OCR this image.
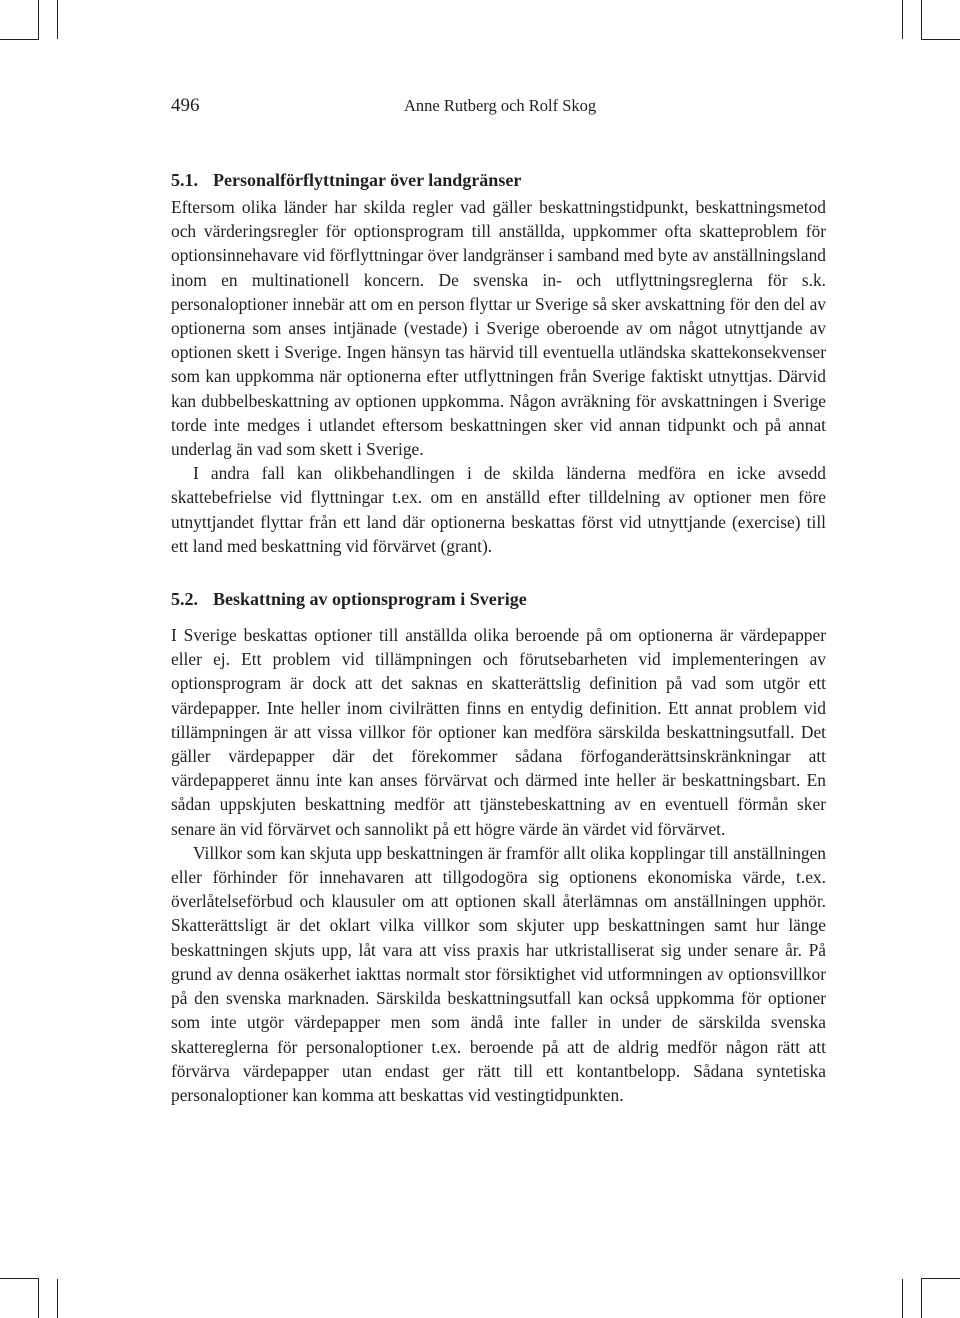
496	Anne Rutberg och Rolf Skog
5.1. Personalförflyttningar över landgränser

Eftersom olika länder har skilda regler vad gäller beskattningstidpunkt, beskattningsmetod och värderingsregler för optionsprogram till anställda, uppkommer ofta skatteproblem för optionsinnehavare vid förflyttningar över landgränser i samband med byte av anställningsland inom en multinationell koncern. De svenska in- och utflyttningsreglerna för s.k. personaloptioner innebär att om en person flyttar ur Sverige så sker avskattning för den del av optionerna som anses intjänade (vestade) i Sverige oberoende av om något utnyttjande av optionen skett i Sverige. Ingen hänsyn tas härvid till eventuella utländska skattekonsekvenser som kan uppkomma när optionerna efter utflyttningen från Sverige faktiskt utnyttjas. Därvid kan dubbelbeskattning av optionen uppkomma. Någon avräkning för avskattningen i Sverige torde inte medges i utlandet eftersom beskattningen sker vid annan tidpunkt och på annat underlag än vad som skett i Sverige.

I andra fall kan olikbehandlingen i de skilda länderna medföra en icke avsedd skattebefrielse vid flyttningar t.ex. om en anställd efter tilldelning av optioner men före utnyttjandet flyttar från ett land där optionerna beskattas först vid utnyttjande (exercise) till ett land med beskattning vid förvärvet (grant).

5.2. Beskattning av optionsprogram i Sverige

I Sverige beskattas optioner till anställda olika beroende på om optionerna är värdepapper eller ej. Ett problem vid tillämpningen och förutsebarheten vid implementeringen av optionsprogram är dock att det saknas en skatterättslig definition på vad som utgör ett värdepapper. Inte heller inom civilrätten finns en entydig definition. Ett annat problem vid tillämpningen är att vissa villkor för optioner kan medföra särskilda beskattningsutfall. Det gäller värdepapper där det förekommer sådana förfoganderättsinskränkningar att värdepapperet ännu inte kan anses förvärvat och därmed inte heller är beskattningsbart. En sådan uppskjuten beskattning medför att tjänstebeskattning av en eventuell förmån sker senare än vid förvärvet och sannolikt på ett högre värde än värdet vid förvärvet.

Villkor som kan skjuta upp beskattningen är framför allt olika kopplingar till anställningen eller förhinder för innehavaren att tillgodogöra sig optionens ekonomiska värde, t.ex. överlåtelseförbud och klausuler om att optionen skall återlämnas om anställningen upphör. Skatterättsligt är det oklart vilka villkor som skjuter upp beskattningen samt hur länge beskattningen skjuts upp, låt vara att viss praxis har utkristalliserat sig under senare år. På grund av denna osäkerhet iakttas normalt stor försiktighet vid utformningen av optionsvillkor på den svenska marknaden. Särskilda beskattningsutfall kan också uppkomma för optioner som inte utgör värdepapper men som ändå inte faller in under de särskilda svenska skattereglerna för personaloptioner t.ex. beroende på att de aldrig medför någon rätt att förvärva värdepapper utan endast ger rätt till ett kontantbelopp. Sådana syntetiska personaloptioner kan komma att beskattas vid vestingtidpunkten.
